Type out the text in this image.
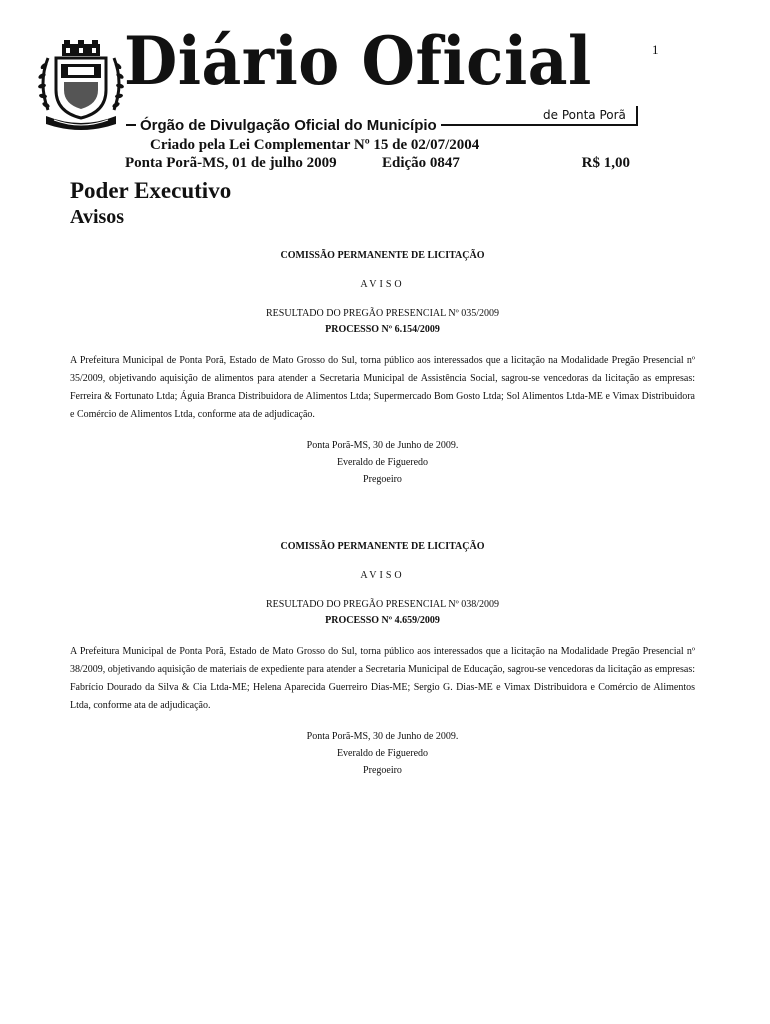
1
Diário Oficial
de Ponta Porã
Órgão de Divulgação Oficial do Município
Criado pela Lei Complementar Nº 15 de 02/07/2004
Ponta Porã-MS, 01 de julho 2009	Edição 0847	R$ 1,00
Poder Executivo
Avisos
COMISSÃO PERMANENTE DE LICITAÇÃO
AVISO
RESULTADO DO PREGÃO PRESENCIAL Nº 035/2009
PROCESSO Nº 6.154/2009

A Prefeitura Municipal de Ponta Porã, Estado de Mato Grosso do Sul, torna público aos interessados que a licitação na Modalidade Pregão Presencial nº 35/2009, objetivando aquisição de alimentos para atender a Secretaria Municipal de Assistência Social, sagrou-se vencedoras da licitação as empresas: Ferreira & Fortunato Ltda; Águia Branca Distribuidora de Alimentos Ltda; Supermercado Bom Gosto Ltda; Sol Alimentos Ltda-ME e Vimax Distribuidora e Comércio de Alimentos Ltda, conforme ata de adjudicação.

Ponta Porã-MS, 30 de Junho de 2009.
Everaldo de Figueredo
Pregoeiro
COMISSÃO PERMANENTE DE LICITAÇÃO
AVISO
RESULTADO DO PREGÃO PRESENCIAL Nº 038/2009
PROCESSO Nº 4.659/2009

A Prefeitura Municipal de Ponta Porã, Estado de Mato Grosso do Sul, torna público aos interessados que a licitação na Modalidade Pregão Presencial nº 38/2009, objetivando aquisição de materiais de expediente para atender a Secretaria Municipal de Educação, sagrou-se vencedoras da licitação as empresas: Fabrício Dourado da Silva & Cia Ltda-ME; Helena Aparecida Guerreiro Dias-ME; Sergio G. Dias-ME e Vimax Distribuidora e Comércio de Alimentos Ltda, conforme ata de adjudicação.

Ponta Porã-MS, 30 de Junho de 2009.
Everaldo de Figueredo
Pregoeiro
